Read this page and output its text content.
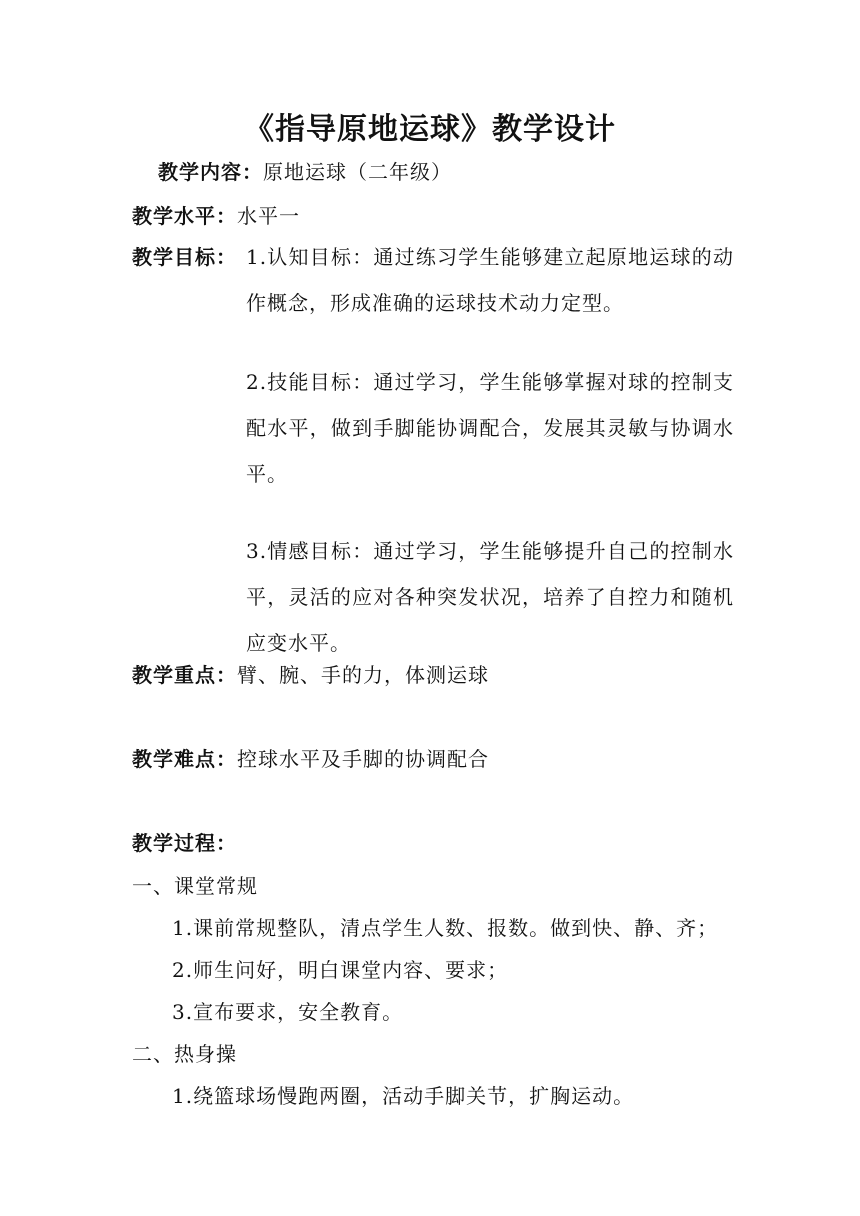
《指导原地运球》教学设计
教学内容：原地运球（二年级）
教学水平：水平一
教学目标： 1.认知目标：通过练习学生能够建立起原地运球的动作概念，形成准确的运球技术动力定型。
2.技能目标：通过学习，学生能够掌握对球的控制支配水平，做到手脚能协调配合，发展其灵敏与协调水平。
3.情感目标：通过学习，学生能够提升自己的控制水平，灵活的应对各种突发状况，培养了自控力和随机应变水平。
教学重点：臂、腕、手的力，体测运球
教学难点：控球水平及手脚的协调配合
教学过程：
一、课堂常规
1.课前常规整队，清点学生人数、报数。做到快、静、齐；
2.师生问好，明白课堂内容、要求；
3.宣布要求，安全教育。
二、热身操
1.绕篮球场慢跑两圈，活动手脚关节，扩胸运动。
